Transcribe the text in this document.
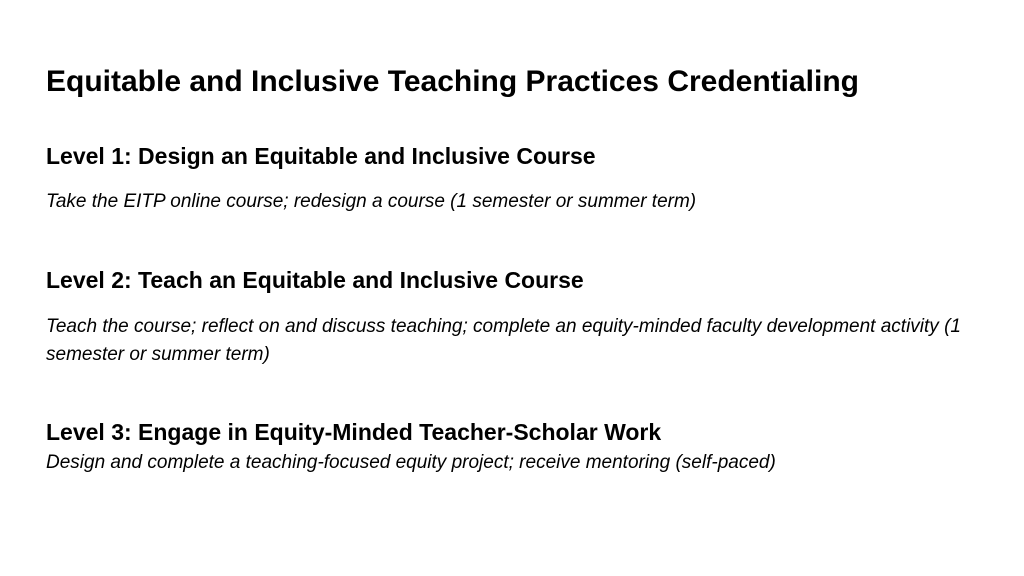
Equitable and Inclusive Teaching Practices Credentialing
Level 1: Design an Equitable and Inclusive Course

Take the EITP online course; redesign a course (1 semester or summer term)

Level 2: Teach an Equitable and Inclusive Course

Teach the course; reflect on and discuss teaching; complete an equity-minded faculty development activity (1 semester or summer term)

Level 3: Engage in Equity-Minded Teacher-Scholar Work

Design and complete a teaching-focused equity project; receive mentoring (self-paced)
